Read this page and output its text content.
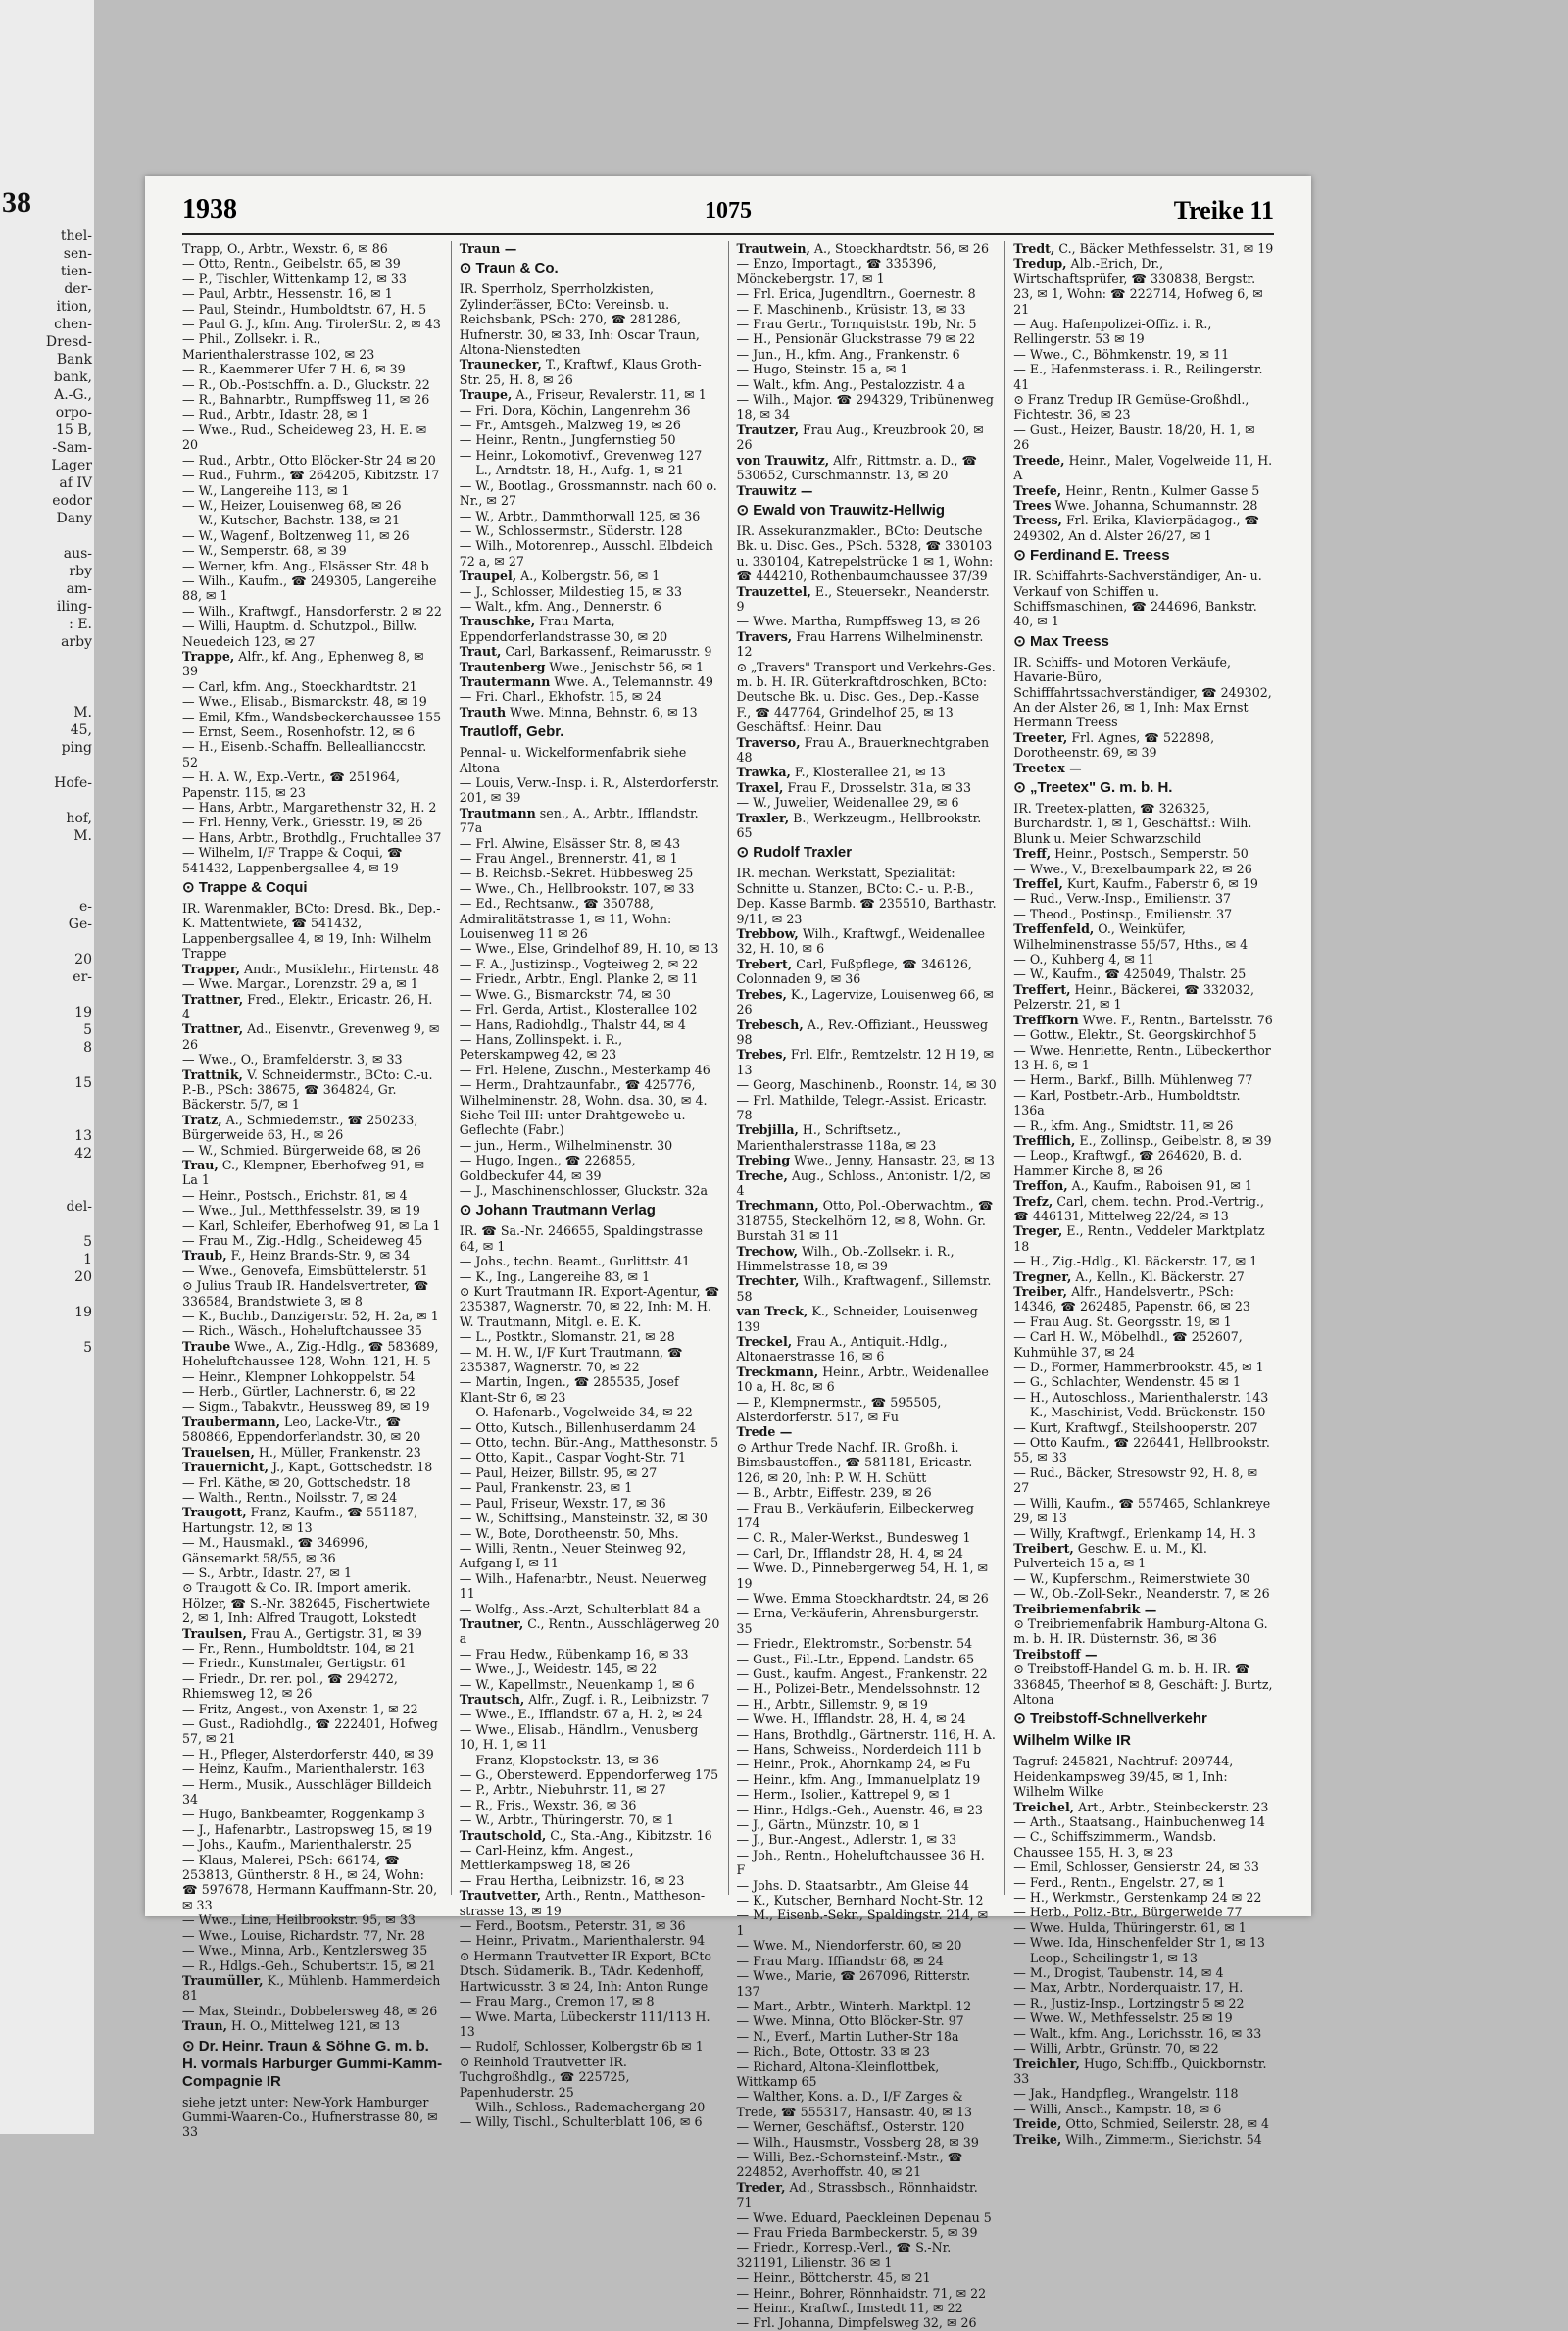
38
thel-
sen-
tien-
der-
ition,
chen-
Dresd-
Bank
bank,
A.-G.,
orpo-
15 B,
-Sam-
Lager
af IV
eodor
Dany
aus-
rby
am-
iling-
: E.
arby
M.
45,
ping
Hofe-
hof,
M.
e-
Ge-
20
er-
19
5
8
15
13
42
del-
5
1
20
19
5
1938	1075	Treike 11

Trapp, O., Arbtr., Wexstr. 6, ✉ 86

— Otto, Rentn., Geibelstr. 65, ✉ 39

— P., Tischler, Wittenkamp 12, ✉ 33

— Paul, Arbtr., Hessenstr. 16, ✉ 1

— Paul, Steindr., Humboldtstr. 67, H. 5

— Paul G. J., kfm. Ang. TirolerStr. 2, ✉ 43

— Phil., Zollsekr. i. R., Marienthalerstrasse 102, ✉ 23

— R., Kaemmerer Ufer 7 H. 6, ✉ 39

— R., Ob.-Postschffn. a. D., Gluckstr. 22

— R., Bahnarbtr., Rumpffsweg 11, ✉ 26

— Rud., Arbtr., Idastr. 28, ✉ 1

— Wwe., Rud., Scheideweg 23, H. E. ✉ 20

— Rud., Arbtr., Otto Blöcker-Str 24 ✉ 20

— Rud., Fuhrm., ☎ 264205, Kibitzstr. 17

— W., Langereihe 113, ✉ 1

— W., Heizer, Louisenweg 68, ✉ 26

— W., Kutscher, Bachstr. 138, ✉ 21

— W., Wagenf., Boltzenweg 11, ✉ 26

— W., Semperstr. 68, ✉ 39

— Werner, kfm. Ang., Elsässer Str. 48 b

— Wilh., Kaufm., ☎ 249305, Langereihe 88, ✉ 1

— Wilh., Kraftwgf., Hansdorferstr. 2 ✉ 22

— Willi, Hauptm. d. Schutzpol., Billw. Neuedeich 123, ✉ 27

Trappe, Alfr., kf. Ang., Ephenweg 8, ✉ 39

— Carl, kfm. Ang., Stoeckhardtstr. 21

— Wwe., Elisab., Bismarckstr. 48, ✉ 19

— Emil, Kfm., Wandsbeckerchaussee 155

— Ernst, Seem., Rosenhofstr. 12, ✉ 6

— H., Eisenb.-Schaffn. Belleallianccstr. 52

— H. A. W., Exp.-Vertr., ☎ 251964, Papenstr. 115, ✉ 23

— Hans, Arbtr., Margarethenstr 32, H. 2

— Frl. Henny, Verk., Griesstr. 19, ✉ 26

— Hans, Arbtr., Brothdlg., Fruchtallee 37

— Wilhelm, I/F Trappe & Coqui, ☎ 541432, Lappenbergsallee 4, ✉ 19

⊙ Trappe & Coqui
IR. Warenmakler, BCto: Dresd. Bk., Dep.-K. Mattentwiete, ☎ 541432, Lappenbergsallee 4, ✉ 19, Inh: Wilhelm Trappe

Trapper, Andr., Musiklehr., Hirtenstr. 48

— Wwe. Margar., Lorenzstr. 29 a, ✉ 1

Trattner, Fred., Elektr., Ericastr. 26, H. 4

Trattner, Ad., Eisenvtr., Grevenweg 9, ✉ 26

— Wwe., O., Bramfelderstr. 3, ✉ 33

Trattnik, V. Schneidermstr., BCto: C.-u. P.-B., PSch: 38675, ☎ 364824, Gr. Bäckerstr. 5/7, ✉ 1

Tratz, A., Schmiedemstr., ☎ 250233, Bürgerweide 63, H., ✉ 26

— W., Schmied. Bürgerweide 68, ✉ 26

Trau, C., Klempner, Eberhofweg 91, ✉ La 1

— Heinr., Postsch., Erichstr. 81, ✉ 4

— Wwe., Jul., Metthfesselstr. 39, ✉ 19

— Karl, Schleifer, Eberhofweg 91, ✉ La 1

— Frau M., Zig.-Hdlg., Scheideweg 45

Traub, F., Heinz Brands-Str. 9, ✉ 34

— Wwe., Genovefa, Eimsbüttelerstr. 51

⊙ Julius Traub IR. Handelsvertreter, ☎ 336584, Brandstwiete 3, ✉ 8

— K., Buchb., Danzigerstr. 52, H. 2a, ✉ 1

— Rich., Wäsch., Hoheluftchaussee 35

Traube Wwe., A., Zig.-Hdlg., ☎ 583689, Hoheluftchaussee 128, Wohn. 121, H. 5

— Heinr., Klempner Lohkoppelstr. 54

— Herb., Gürtler, Lachnerstr. 6, ✉ 22

— Sigm., Tabakvtr., Heussweg 89, ✉ 19

Traubermann, Leo, Lacke-Vtr., ☎ 580866, Eppendorferlandstr. 30, ✉ 20

Trauelsen, H., Müller, Frankenstr. 23

Trauernicht, J., Kapt., Gottschedstr. 18

— Frl. Käthe, ✉ 20, Gottschedstr. 18

— Walth., Rentn., Noilsstr. 7, ✉ 24

Traugott, Franz, Kaufm., ☎ 551187, Hartungstr. 12, ✉ 13

— M., Hausmakl., ☎ 346996, Gänsemarkt 58/55, ✉ 36

— S., Arbtr., Idastr. 27, ✉ 1

⊙ Traugott & Co. IR. Import amerik. Hölzer, ☎ S.-Nr. 382645, Fischertwiete 2, ✉ 1, Inh: Alfred Traugott, Lokstedt

Traulsen, Frau A., Gertigstr. 31, ✉ 39

— Fr., Renn., Humboldtstr. 104, ✉ 21

— Friedr., Kunstmaler, Gertigstr. 61

— Friedr., Dr. rer. pol., ☎ 294272, Rhiemsweg 12, ✉ 26

— Fritz, Angest., von Axenstr. 1, ✉ 22

— Gust., Radiohdlg., ☎ 222401, Hofweg 57, ✉ 21

— H., Pfleger, Alsterdorferstr. 440, ✉ 39

— Heinz, Kaufm., Marienthalerstr. 163

— Herm., Musik., Ausschläger Billdeich 34

— Hugo, Bankbeamter, Roggenkamp 3

— J., Hafenarbtr., Lastropsweg 15, ✉ 19

— Johs., Kaufm., Marienthalerstr. 25

— Klaus, Malerei, PSch: 66174, ☎ 253813, Güntherstr. 8 H., ✉ 24, Wohn: ☎ 597678, Hermann Kauffmann-Str. 20, ✉ 33

— Wwe., Line, Heilbrookstr. 95, ✉ 33

— Wwe., Louise, Richardstr. 77, Nr. 28

— Wwe., Minna, Arb., Kentzlersweg 35

— R., Hdlgs.-Geh., Schubertstr. 15, ✉ 21

Traumüller, K., Mühlenb. Hammerdeich 81

— Max, Steindr., Dobbelersweg 48, ✉ 26

Traun, H. O., Mittelweg 121, ✉ 13

⊙ Dr. Heinr. Traun & Söhne G. m. b. H. vormals Harburger Gummi-Kamm-Compagnie IR
siehe jetzt unter: New-York Hamburger Gummi-Waaren-Co., Hufnerstrasse 80, ✉ 33

Traun —

⊙ Traun & Co.
IR. Sperrholz, Sperrholzkisten, Zylinderfässer, BCto: Vereinsb. u. Reichsbank, PSch: 270, ☎ 281286, Hufnerstr. 30, ✉ 33, Inh: Oscar Traun, Altona-Nienstedten

Traunecker, T., Kraftwf., Klaus Groth-Str. 25, H. 8, ✉ 26

Traupe, A., Friseur, Revalerstr. 11, ✉ 1

— Fri. Dora, Köchin, Langenrehm 36

— Fr., Amtsgeh., Malzweg 19, ✉ 26

— Heinr., Rentn., Jungfernstieg 50

— Heinr., Lokomotivf., Grevenweg 127

— L., Arndtstr. 18, H., Aufg. 1, ✉ 21

— W., Bootlag., Grossmannstr. nach 60 o. Nr., ✉ 27

— W., Arbtr., Dammthorwall 125, ✉ 36

— W., Schlossermstr., Süderstr. 128

— Wilh., Motorenrep., Ausschl. Elbdeich 72 a, ✉ 27

Traupel, A., Kolbergstr. 56, ✉ 1

— J., Schlosser, Mildestieg 15, ✉ 33

— Walt., kfm. Ang., Dennerstr. 6

Trauschke, Frau Marta, Eppendorferlandstrasse 30, ✉ 20

Traut, Carl, Barkassenf., Reimarusstr. 9

Trautenberg Wwe., Jenischstr 56, ✉ 1

Trautermann Wwe. A., Telemannstr. 49

— Fri. Charl., Ekhofstr. 15, ✉ 24

Trauth Wwe. Minna, Behnstr. 6, ✉ 13

Trautloff, Gebr.
Pennal- u. Wickelformenfabrik siehe Altona

— Louis, Verw.-Insp. i. R., Alsterdorferstr. 201, ✉ 39

Trautmann sen., A., Arbtr., Ifflandstr. 77a

— Frl. Alwine, Elsässer Str. 8, ✉ 43

— Frau Angel., Brennerstr. 41, ✉ 1

— B. Reichsb.-Sekret. Hübbesweg 25

— Wwe., Ch., Hellbrookstr. 107, ✉ 33

— Ed., Rechtsanw., ☎ 350788, Admiralitätstrasse 1, ✉ 11, Wohn: Louisenweg 11 ✉ 26

— Wwe., Else, Grindelhof 89, H. 10, ✉ 13

— F. A., Justizinsp., Vogteiweg 2, ✉ 22

— Friedr., Arbtr., Engl. Planke 2, ✉ 11

— Wwe. G., Bismarckstr. 74, ✉ 30

— Frl. Gerda, Artist., Klosterallee 102

— Hans, Radiohdlg., Thalstr 44, ✉ 4

— Hans, Zollinspekt. i. R., Peterskampweg 42, ✉ 23

— Frl. Helene, Zuschn., Mesterkamp 46

— Herm., Drahtzaunfabr., ☎ 425776, Wilhelminenstr. 28, Wohn. dsa. 30, ✉ 4. Siehe Teil III: unter Drahtgewebe u. Geflechte (Fabr.)

— jun., Herm., Wilhelminenstr. 30

— Hugo, Ingen., ☎ 226855, Goldbeckufer 44, ✉ 39

— J., Maschinenschlosser, Gluckstr. 32a

⊙ Johann Trautmann Verlag
IR. ☎ Sa.-Nr. 246655, Spaldingstrasse 64, ✉ 1

— Johs., techn. Beamt., Gurlittstr. 41

— K., Ing., Langereihe 83, ✉ 1

⊙ Kurt Trautmann IR. Export-Agentur, ☎ 235387, Wagnerstr. 70, ✉ 22, Inh: M. H. W. Trautmann, Mitgl. e. E. K.

— L., Postktr., Slomanstr. 21, ✉ 28

— M. H. W., I/F Kurt Trautmann, ☎ 235387, Wagnerstr. 70, ✉ 22

— Martin, Ingen., ☎ 285535, Josef Klant-Str 6, ✉ 23

— O. Hafenarb., Vogelweide 34, ✉ 22

— Otto, Kutsch., Billenhuserdamm 24

— Otto, techn. Bür.-Ang., Matthesonstr. 5

— Otto, Kapit., Caspar Voght-Str. 71

— Paul, Heizer, Billstr. 95, ✉ 27

— Paul, Frankenstr. 23, ✉ 1

— Paul, Friseur, Wexstr. 17, ✉ 36

— W., Schiffsing., Mansteinstr. 32, ✉ 30

— W., Bote, Dorotheenstr. 50, Mhs.

— Willi, Rentn., Neuer Steinweg 92, Aufgang I, ✉ 11

— Wilh., Hafenarbtr., Neust. Neuerweg 11

— Wolfg., Ass.-Arzt, Schulterblatt 84 a

Trautner, C., Rentn., Ausschlägerweg 20 a

— Frau Hedw., Rübenkamp 16, ✉ 33

— Wwe., J., Weidestr. 145, ✉ 22

— W., Kapellmstr., Neuenkamp 1, ✉ 6

Trautsch, Alfr., Zugf. i. R., Leibnizstr. 7

— Wwe., E., Ifflandstr. 67 a, H. 2, ✉ 24

— Wwe., Elisab., Händlrn., Venusberg 10, H. 1, ✉ 11

— Franz, Klopstockstr. 13, ✉ 36

— G., Oberstewerd. Eppendorferweg 175

— P., Arbtr., Niebuhrstr. 11, ✉ 27

— R., Fris., Wexstr. 36, ✉ 36

— W., Arbtr., Thüringerstr. 70, ✉ 1

Trautschold, C., Sta.-Ang., Kibitzstr. 16

— Carl-Heinz, kfm. Angest., Mettlerkampsweg 18, ✉ 26

— Frau Hertha, Leibnizstr. 16, ✉ 23

Trautvetter, Arth., Rentn., Mattheson-strasse 13, ✉ 19

— Ferd., Bootsm., Peterstr. 31, ✉ 36

— Heinr., Privatm., Marienthalerstr. 94

⊙ Hermann Trautvetter IR Export, BCto Dtsch. Südamerik. B., TAdr. Kedenhoff, Hartwicusstr. 3 ✉ 24, Inh: Anton Runge

— Frau Marg., Cremon 17, ✉ 8

— Wwe. Marta, Lübeckerstr 111/113 H. 13

— Rudolf, Schlosser, Kolbergstr 6b ✉ 1

⊙ Reinhold Trautvetter IR. Tuchgroßhdlg., ☎ 225725, Papenhuderstr. 25

— Wilh., Schloss., Rademachergang 20

— Willy, Tischl., Schulterblatt 106, ✉ 6

Trautwein, A., Stoeckhardtstr. 56, ✉ 26

— Enzo, Importagt., ☎ 335396, Mönckebergstr. 17, ✉ 1

— Frl. Erica, Jugendltrn., Goernestr. 8

— F. Maschinenb., Krüsistr. 13, ✉ 33

— Frau Gertr., Tornquiststr. 19b, Nr. 5

— H., Pensionär Gluckstrasse 79 ✉ 22

— Jun., H., kfm. Ang., Frankenstr. 6

— Hugo, Steinstr. 15 a, ✉ 1

— Walt., kfm. Ang., Pestalozzistr. 4 a

— Wilh., Major. ☎ 294329, Tribünenweg 18, ✉ 34

Trautzer, Frau Aug., Kreuzbrook 20, ✉ 26

von Trauwitz, Alfr., Rittmstr. a. D., ☎ 530652, Curschmannstr. 13, ✉ 20

Trauwitz —

⊙ Ewald von Trauwitz-Hellwig
IR. Assekuranzmakler., BCto: Deutsche Bk. u. Disc. Ges., PSch. 5328, ☎ 330103 u. 330104, Katrepelstrücke 1 ✉ 1, Wohn: ☎ 444210, Rothenbaumchaussee 37/39

Trauzettel, E., Steuersekr., Neanderstr. 9

— Wwe. Martha, Rumpffsweg 13, ✉ 26

Travers, Frau Harrens Wilhelminenstr. 12

⊙ „Travers" Transport und Verkehrs-Ges. m. b. H. IR. Güterkraftdroschken, BCto: Deutsche Bk. u. Disc. Ges., Dep.-Kasse F., ☎ 447764, Grindelhof 25, ✉ 13 Geschäftsf.: Heinr. Dau

Traverso, Frau A., Brauerknechtgraben 48

Trawka, F., Klosterallee 21, ✉ 13

Traxel, Frau F., Drosselstr. 31a, ✉ 33

— W., Juwelier, Weidenallee 29, ✉ 6

Traxler, B., Werkzeugm., Hellbrookstr. 65

⊙ Rudolf Traxler
IR. mechan. Werkstatt, Spezialität: Schnitte u. Stanzen, BCto: C.- u. P.-B., Dep. Kasse Barmb. ☎ 235510, Barthastr. 9/11, ✉ 23

Trebbow, Wilh., Kraftwgf., Weidenallee 32, H. 10, ✉ 6

Trebert, Carl, Fußpflege, ☎ 346126, Colonnaden 9, ✉ 36

Trebes, K., Lagervize, Louisenweg 66, ✉ 26

Trebesch, A., Rev.-Offiziant., Heussweg 98

Trebes, Frl. Elfr., Remtzelstr. 12 H 19, ✉ 13

— Georg, Maschinenb., Roonstr. 14, ✉ 30

— Frl. Mathilde, Telegr.-Assist. Ericastr. 78

Trebjilla, H., Schriftsetz., Marienthalerstrasse 118a, ✉ 23

Trebing Wwe., Jenny, Hansastr. 23, ✉ 13

Treche, Aug., Schloss., Antonistr. 1/2, ✉ 4

Trechmann, Otto, Pol.-Oberwachtm., ☎ 318755, Steckelhörn 12, ✉ 8, Wohn. Gr. Burstah 31 ✉ 11

Trechow, Wilh., Ob.-Zollsekr. i. R., Himmelstrasse 18, ✉ 39

Trechter, Wilh., Kraftwagenf., Sillemstr. 58

van Treck, K., Schneider, Louisenweg 139

Treckel, Frau A., Antiquit.-Hdlg., Altonaerstrasse 16, ✉ 6

Treckmann, Heinr., Arbtr., Weidenallee 10 a, H. 8c, ✉ 6

— P., Klempnermstr., ☎ 595505, Alsterdorferstr. 517, ✉ Fu

Trede —

⊙ Arthur Trede Nachf. IR. Großh. i. Bimsbaustoffen., ☎ 581181, Ericastr. 126, ✉ 20, Inh: P. W. H. Schütt

— B., Arbtr., Eiffestr. 239, ✉ 26

— Frau B., Verkäuferin, Eilbeckerweg 174

— C. R., Maler-Werkst., Bundesweg 1

— Carl, Dr., Ifflandstr 28, H. 4, ✉ 24

— Wwe. D., Pinnebergerweg 54, H. 1, ✉ 19

— Wwe. Emma Stoeckhardtstr. 24, ✉ 26

— Erna, Verkäuferin, Ahrensburgerstr. 35

— Friedr., Elektromstr., Sorbenstr. 54

— Gust., Fil.-Ltr., Eppend. Landstr. 65

— Gust., kaufm. Angest., Frankenstr. 22

— H., Polizei-Betr., Mendelssohnstr. 12

— H., Arbtr., Sillemstr. 9, ✉ 19

— Wwe. H., Ifflandstr. 28, H. 4, ✉ 24

— Hans, Brothdlg., Gärtnerstr. 116, H. A.

— Hans, Schweiss., Norderdeich 111 b

— Heinr., Prok., Ahornkamp 24, ✉ Fu

— Heinr., kfm. Ang., Immanuelplatz 19

— Herm., Isolier., Kattrepel 9, ✉ 1

— Hinr., Hdlgs.-Geh., Auenstr. 46, ✉ 23

— J., Gärtn., Münzstr. 10, ✉ 1

— J., Bur.-Angest., Adlerstr. 1, ✉ 33

— Joh., Rentn., Hoheluftchaussee 36 H. F

— Johs. D. Staatsarbtr., Am Gleise 44

— K., Kutscher, Bernhard Nocht-Str. 12

— M., Eisenb.-Sekr., Spaldingstr. 214, ✉ 1

— Wwe. M., Niendorferstr. 60, ✉ 20

— Frau Marg. Iffiandstr 68, ✉ 24

— Wwe., Marie, ☎ 267096, Ritterstr. 137

— Mart., Arbtr., Winterh. Marktpl. 12

— Wwe. Minna, Otto Blöcker-Str. 97

— N., Everf., Martin Luther-Str 18a

— Rich., Bote, Ottostr. 33 ✉ 23

— Richard, Altona-Kleinflottbek, Wittkamp 65

— Walther, Kons. a. D., I/F Zarges & Trede, ☎ 555317, Hansastr. 40, ✉ 13

— Werner, Geschäftsf., Osterstr. 120

— Wilh., Hausmstr., Vossberg 28, ✉ 39

— Willi, Bez.-Schornsteinf.-Mstr., ☎ 224852, Averhoffstr. 40, ✉ 21

Treder, Ad., Strassbsch., Rönnhaidstr. 71

— Wwe. Eduard, Paeckleinen Depenau 5

— Frau Frieda Barmbeckerstr. 5, ✉ 39

— Friedr., Korresp.-Verl., ☎ S.-Nr. 321191, Lilienstr. 36 ✉ 1

— Heinr., Böttcherstr. 45, ✉ 21

— Heinr., Bohrer, Rönnhaidstr. 71, ✉ 22

— Heinr., Kraftwf., Imstedt 11, ✉ 22

— Frl. Johanna, Dimpfelsweg 32, ✉ 26

Tredt, C., Bäcker Methfesselstr. 31, ✉ 19

Tredup, Alb.-Erich, Dr., Wirtschaftsprüfer, ☎ 330838, Bergstr. 23, ✉ 1, Wohn: ☎ 222714, Hofweg 6, ✉ 21

— Aug. Hafenpolizei-Offiz. i. R., Rellingerstr. 53 ✉ 19

— Wwe., C., Böhmkenstr. 19, ✉ 11

— E., Hafenmsterass. i. R., Reilingerstr. 41

⊙ Franz Tredup IR Gemüse-Großhdl., Fichtestr. 36, ✉ 23

— Gust., Heizer, Baustr. 18/20, H. 1, ✉ 26

Treede, Heinr., Maler, Vogelweide 11, H. A

Treefe, Heinr., Rentn., Kulmer Gasse 5

Trees Wwe. Johanna, Schumannstr. 28

Treess, Frl. Erika, Klavierpädagog., ☎ 249302, An d. Alster 26/27, ✉ 1

⊙ Ferdinand E. Treess
IR. Schiffahrts-Sachverständiger, An- u. Verkauf von Schiffen u. Schiffsmaschinen, ☎ 244696, Bankstr. 40, ✉ 1

⊙ Max Treess
IR. Schiffs- und Motoren Verkäufe, Havarie-Büro, Schifffahrtssachverständiger, ☎ 249302, An der Alster 26, ✉ 1, Inh: Max Ernst Hermann Treess

Treeter, Frl. Agnes, ☎ 522898, Dorotheenstr. 69, ✉ 39

Treetex —

⊙ „Treetex" G. m. b. H.
IR. Treetex-platten, ☎ 326325, Burchardstr. 1, ✉ 1, Geschäftsf.: Wilh. Blunk u. Meier Schwarzschild

Treff, Heinr., Postsch., Semperstr. 50

— Wwe., V., Brexelbaumpark 22, ✉ 26

Treffel, Kurt, Kaufm., Faberstr 6, ✉ 19

— Rud., Verw.-Insp., Emilienstr. 37

— Theod., Postinsp., Emilienstr. 37

Treffenfeld, O., Weinküfer, Wilhelminenstrasse 55/57, Hths., ✉ 4

— O., Kuhberg 4, ✉ 11

— W., Kaufm., ☎ 425049, Thalstr. 25

Treffert, Heinr., Bäckerei, ☎ 332032, Pelzerstr. 21, ✉ 1

Treffkorn Wwe. F., Rentn., Bartelsstr. 76

— Gottw., Elektr., St. Georgskirchhof 5

— Wwe. Henriette, Rentn., Lübeckerthor 13 H. 6, ✉ 1

— Herm., Barkf., Billh. Mühlenweg 77

— Karl, Postbetr.-Arb., Humboldtstr. 136a

— R., kfm. Ang., Smidtstr. 11, ✉ 26

Trefflich, E., Zollinsp., Geibelstr. 8, ✉ 39

— Leop., Kraftwgf., ☎ 264620, B. d. Hammer Kirche 8, ✉ 26

Treffon, A., Kaufm., Raboisen 91, ✉ 1

Trefz, Carl, chem. techn. Prod.-Vertrig., ☎ 446131, Mittelweg 22/24, ✉ 13

Treger, E., Rentn., Veddeler Marktplatz 18

— H., Zig.-Hdlg., Kl. Bäckerstr. 17, ✉ 1

Tregner, A., Kelln., Kl. Bäckerstr. 27

Treiber, Alfr., Handelsvertr., PSch: 14346, ☎ 262485, Papenstr. 66, ✉ 23

— Frau Aug. St. Georgsstr. 19, ✉ 1

— Carl H. W., Möbelhdl., ☎ 252607, Kuhmühle 37, ✉ 24

— D., Former, Hammerbrookstr. 45, ✉ 1

— G., Schlachter, Wendenstr. 45 ✉ 1

— H., Autoschloss., Marienthalerstr. 143

— K., Maschinist, Vedd. Brückenstr. 150

— Kurt, Kraftwgf., Steilshooperstr. 207

— Otto Kaufm., ☎ 226441, Hellbrookstr. 55, ✉ 33

— Rud., Bäcker, Stresowstr 92, H. 8, ✉ 27

— Willi, Kaufm., ☎ 557465, Schlankreye 29, ✉ 13

— Willy, Kraftwgf., Erlenkamp 14, H. 3

Treibert, Geschw. E. u. M., Kl. Pulverteich 15 a, ✉ 1

— W., Kupferschm., Reimerstwiete 30

— W., Ob.-Zoll-Sekr., Neanderstr. 7, ✉ 26

Treibriemenfabrik —

⊙ Treibriemenfabrik Hamburg-Altona G. m. b. H. IR. Düsternstr. 36, ✉ 36

Treibstoff —

⊙ Treibstoff-Handel G. m. b. H. IR. ☎ 336845, Theerhof ✉ 8, Geschäft: J. Burtz, Altona

⊙ Treibstoff-Schnellverkehr
Wilhelm Wilke IR
Tagruf: 245821, Nachtruf: 209744, Heidenkampsweg 39/45, ✉ 1, Inh: Wilhelm Wilke

Treichel, Art., Arbtr., Steinbeckerstr. 23

— Arth., Staatsang., Hainbuchenweg 14

— C., Schiffszimmerm., Wandsb. Chaussee 155, H. 3, ✉ 23

— Emil, Schlosser, Gensierstr. 24, ✉ 33

— Ferd., Rentn., Engelstr. 27, ✉ 1

— H., Werkmstr., Gerstenkamp 24 ✉ 22

— Herb., Poliz.-Btr., Bürgerweide 77

— Wwe. Hulda, Thüringerstr. 61, ✉ 1

— Wwe. Ida, Hinschenfelder Str 1, ✉ 13

— Leop., Scheilingstr 1, ✉ 13

— M., Drogist, Taubenstr. 14, ✉ 4

— Max, Arbtr., Norderquaistr. 17, H.

— R., Justiz-Insp., Lortzingstr 5 ✉ 22

— Wwe. W., Methfesselstr. 25 ✉ 19

— Walt., kfm. Ang., Lorichsstr. 16, ✉ 33

— Willi, Arbtr., Grünstr. 70, ✉ 22

Treichler, Hugo, Schiffb., Quickbornstr. 33

— Jak., Handpfleg., Wrangelstr. 118

— Willi, Ansch., Kampstr. 18, ✉ 6

Treide, Otto, Schmied, Seilerstr. 28, ✉ 4

Treike, Wilh., Zimmerm., Sierichstr. 54
